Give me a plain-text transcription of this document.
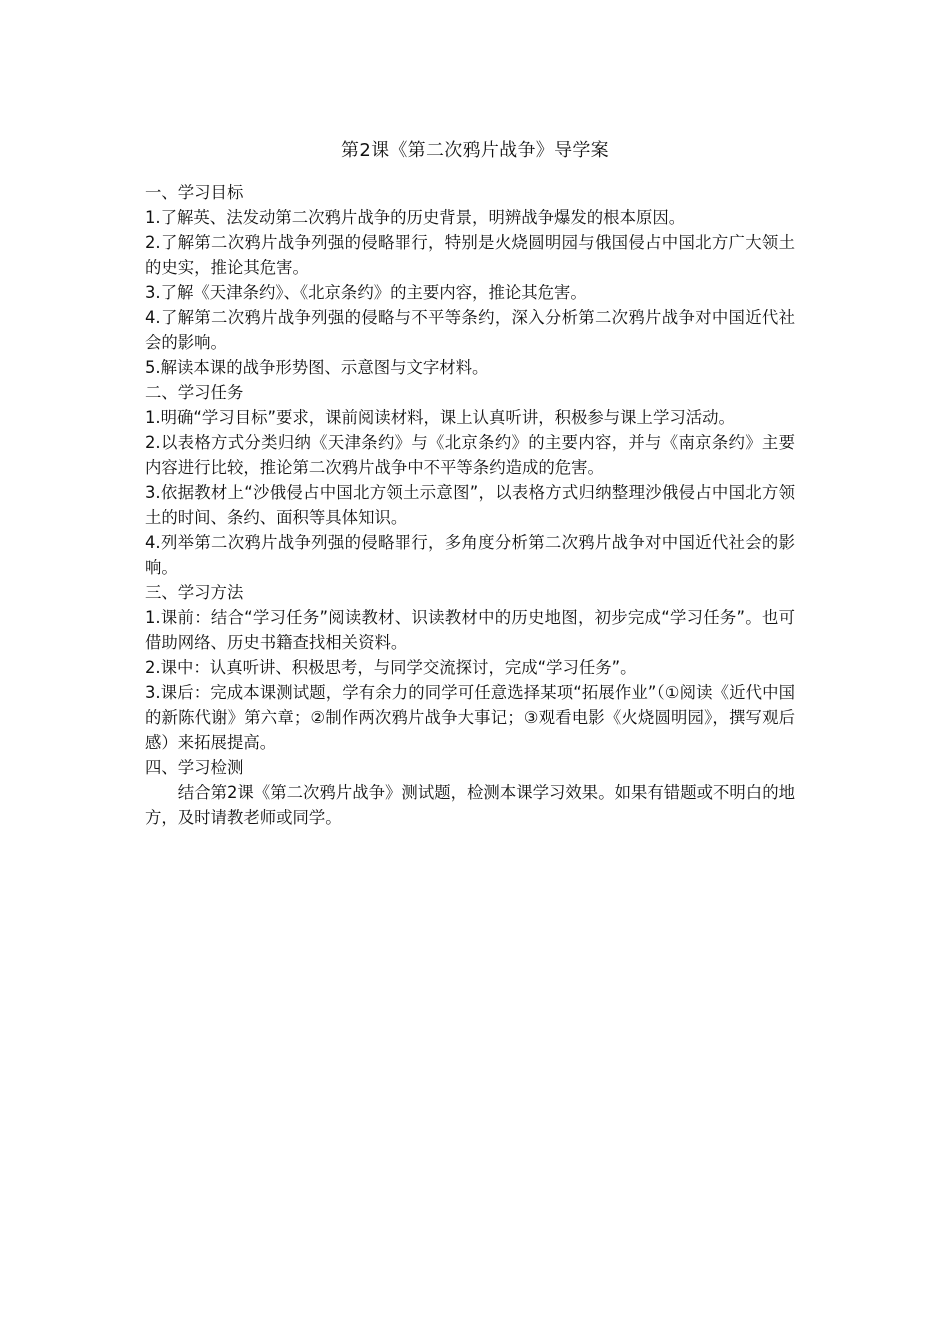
第2课《第二次鸦片战争》导学案

一、学习目标

1.了解英、法发动第二次鸦片战争的历史背景，明辨战争爆发的根本原因。

2.了解第二次鸦片战争列强的侵略罪行，特别是火烧圆明园与俄国侵占中国北方广大领土的史实，推论其危害。

3.了解《天津条约》、《北京条约》的主要内容，推论其危害。

4.了解第二次鸦片战争列强的侵略与不平等条约，深入分析第二次鸦片战争对中国近代社会的影响。

5.解读本课的战争形势图、示意图与文字材料。

二、学习任务

1.明确“学习目标”要求，课前阅读材料，课上认真听讲，积极参与课上学习活动。

2.以表格方式分类归纳《天津条约》与《北京条约》的主要内容，并与《南京条约》主要内容进行比较，推论第二次鸦片战争中不平等条约造成的危害。

3.依据教材上“沙俄侵占中国北方领土示意图”，以表格方式归纳整理沙俄侵占中国北方领土的时间、条约、面积等具体知识。

4.列举第二次鸦片战争列强的侵略罪行，多角度分析第二次鸦片战争对中国近代社会的影响。

三、学习方法

1.课前：结合“学习任务”阅读教材、识读教材中的历史地图，初步完成“学习任务”。也可借助网络、历史书籍查找相关资料。

2.课中：认真听讲、积极思考，与同学交流探讨，完成“学习任务”。

3.课后：完成本课测试题，学有余力的同学可任意选择某项“拓展作业”（①阅读《近代中国的新陈代谢》第六章；②制作两次鸦片战争大事记；③观看电影《火烧圆明园》，撰写观后感）来拓展提高。

四、学习检测

结合第2课《第二次鸦片战争》测试题，检测本课学习效果。如果有错题或不明白的地方，及时请教老师或同学。
